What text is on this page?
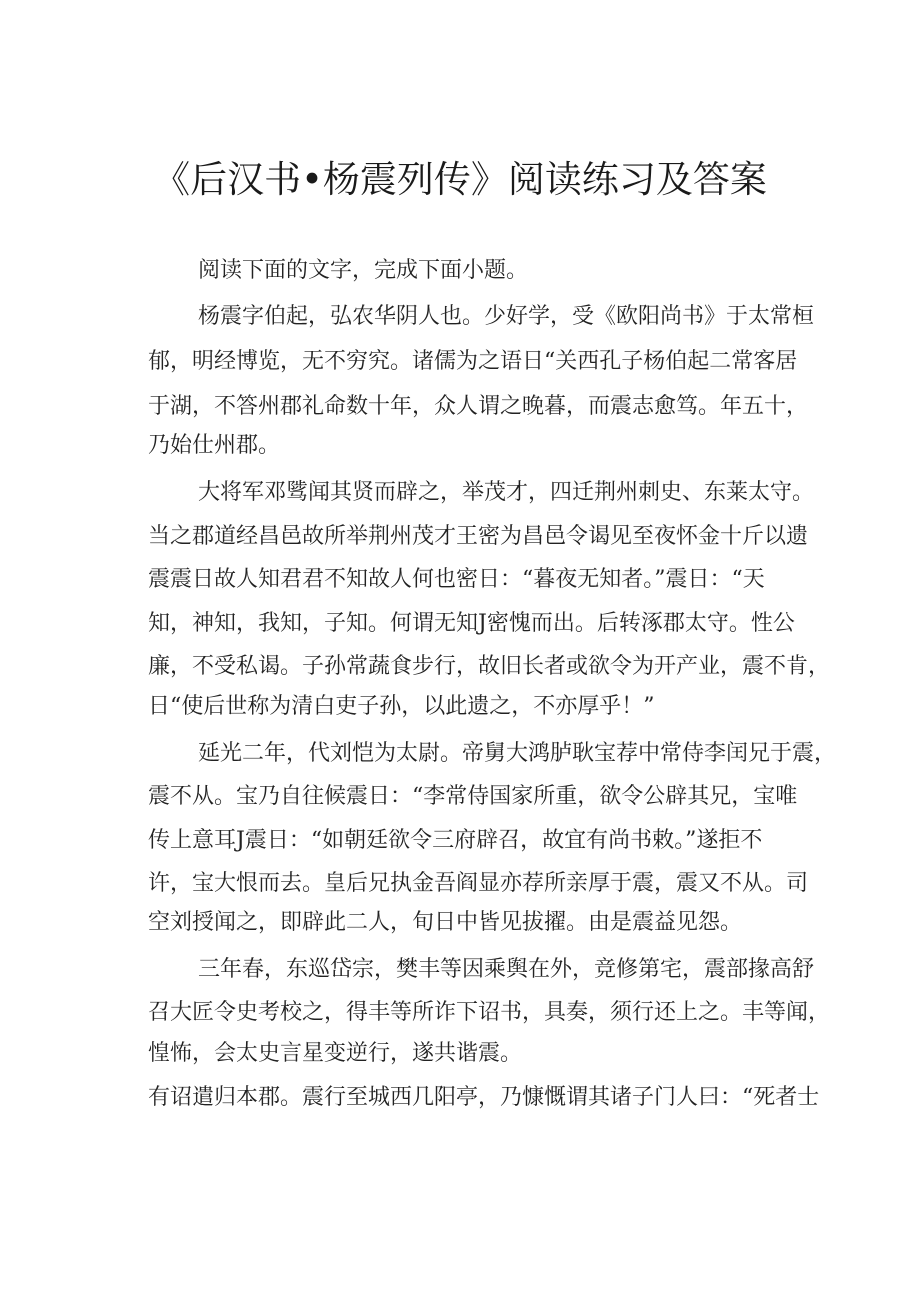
《后汉书•杨震列传》阅读练习及答案
阅读下面的文字，完成下面小题。
杨震字伯起，弘农华阴人也。少好学，受《欧阳尚书》于太常桓
郁，明经博览，无不穷究。诸儒为之语日“关西孔子杨伯起二常客居
于湖，不答州郡礼命数十年，众人谓之晚暮，而震志愈笃。年五十，
乃始仕州郡。
大将军邓骘闻其贤而辟之，举茂才，四迁荆州刺史、东莱太守。
当之郡道经昌邑故所举荆州茂才王密为昌邑令谒见至夜怀金十斤以遗
震震日故人知君君不知故人何也密日：“暮夜无知者。”震日：“天
知，神知，我知，子知。何谓无知J密愧而出。后转涿郡太守。性公
廉，不受私谒。子孙常蔬食步行，故旧长者或欲令为开产业，震不肯，
日“使后世称为清白吏子孙，以此遗之，不亦厚乎！”
延光二年，代刘恺为太尉。帝舅大鸿胪耿宝荐中常侍李闰兄于震，
震不从。宝乃自往候震日：“李常侍国家所重，欲令公辟其兄，宝唯
传上意耳J震日：“如朝廷欲令三府辟召，故宜有尚书敕。”遂拒不
许，宝大恨而去。皇后兄执金吾阎显亦荐所亲厚于震，震又不从。司
空刘授闻之，即辟此二人，旬日中皆见拔擢。由是震益见怨。
三年春，东巡岱宗，樊丰等因乘舆在外，竞修第宅，震部掾高舒
召大匠令史考校之，得丰等所诈下诏书，具奏，须行还上之。丰等闻，
惶怖，会太史言星变逆行，遂共谐震。
有诏遣归本郡。震行至城西几阳亭，乃慷慨谓其诸子门人曰：“死者士
